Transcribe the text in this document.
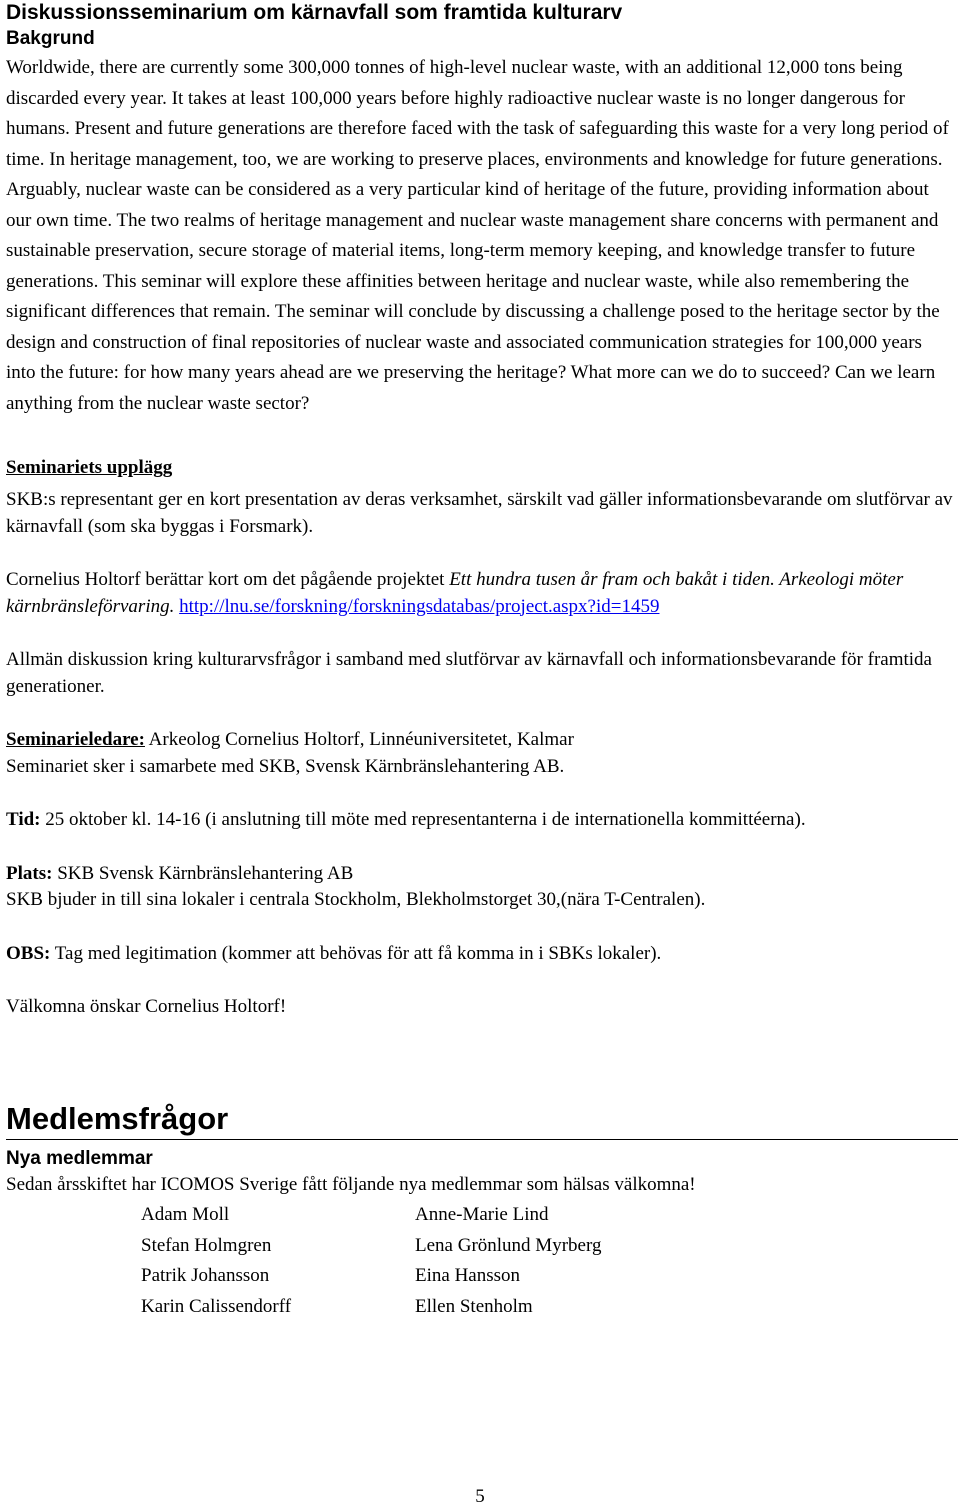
Diskussionsseminarium om kärnavfall som framtida kulturarv
Bakgrund

Worldwide, there are currently some 300,000 tonnes of high-level nuclear waste, with an additional 12,000 tons being discarded every year. It takes at least 100,000 years before highly radioactive nuclear waste is no longer dangerous for humans. Present and future generations are therefore faced with the task of safeguarding this waste for a very long period of time. In heritage management, too, we are working to preserve places, environments and knowledge for future generations. Arguably, nuclear waste can be considered as a very particular kind of heritage of the future, providing information about our own time. The two realms of heritage management and nuclear waste management share concerns with permanent and sustainable preservation, secure storage of material items, long-term memory keeping, and knowledge transfer to future generations. This seminar will explore these affinities between heritage and nuclear waste, while also remembering the significant differences that remain. The seminar will conclude by discussing a challenge posed to the heritage sector by the design and construction of final repositories of nuclear waste and associated communication strategies for 100,000 years into the future: for how many years ahead are we preserving the heritage? What more can we do to succeed? Can we learn anything from the nuclear waste sector?

Seminariets upplägg

SKB:s representant ger en kort presentation av deras verksamhet, särskilt vad gäller informationsbevarande om slutförvar av kärnavfall (som ska byggas i Forsmark).

Cornelius Holtorf berättar kort om det pågående projektet Ett hundra tusen år fram och bakåt i tiden. Arkeologi möter kärnbränsleförvaring. http://lnu.se/forskning/forskningsdatabas/project.aspx?id=1459

Allmän diskussion kring kulturarvsfrågor i samband med slutförvar av kärnavfall och informationsbevarande för framtida generationer.

Seminarieledare: Arkeolog Cornelius Holtorf, Linnéuniversitetet, Kalmar

Seminariet sker i samarbete med SKB, Svensk Kärnbränslehantering AB.

Tid: 25 oktober kl. 14-16 (i anslutning till möte med representanterna i de internationella kommittéerna).

Plats: SKB Svensk Kärnbränslehantering AB

SKB bjuder in till sina lokaler i centrala Stockholm, Blekholmstorget 30,(nära T-Centralen).

OBS: Tag med legitimation (kommer att behövas för att få komma in i SBKs lokaler).

Välkomna önskar Cornelius Holtorf!

Medlemsfrågor
Nya medlemmar

Sedan årsskiftet har ICOMOS Sverige fått följande nya medlemmar som hälsas välkomna!

Adam Moll
Stefan Holmgren
Patrik Johansson
Karin Calissendorff
Anne-Marie Lind
Lena Grönlund Myrberg
Eina Hansson
Ellen Stenholm
5
